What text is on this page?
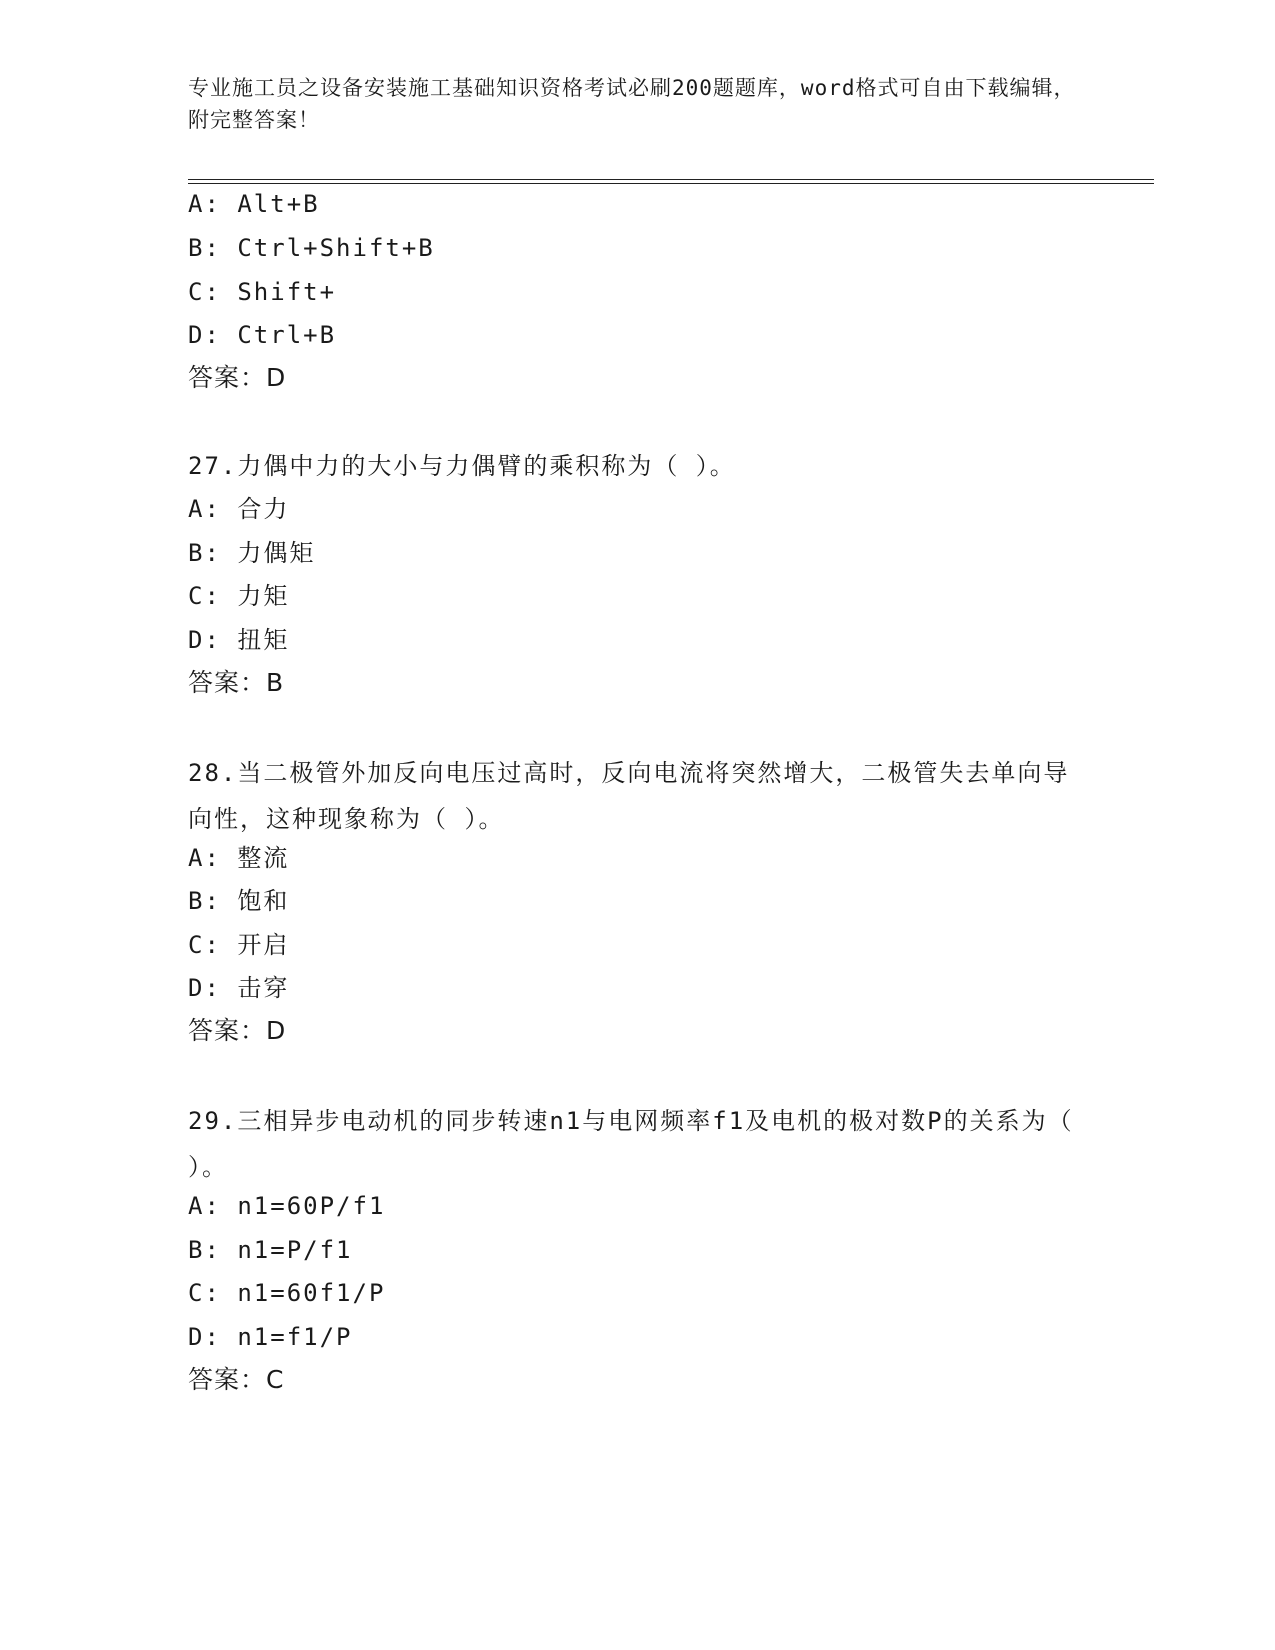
专业施工员之设备安装施工基础知识资格考试必刷200题题库，word格式可自由下载编辑，附完整答案！
A: Alt+B
B: Ctrl+Shift+B
C: Shift+
D: Ctrl+B
答案：D
27.力偶中力的大小与力偶臂的乘积称为（ ）。
A: 合力
B: 力偶矩
C: 力矩
D: 扭矩
答案：B
28.当二极管外加反向电压过高时，反向电流将突然增大，二极管失去单向导向性，这种现象称为（ ）。
A: 整流
B: 饱和
C: 开启
D: 击穿
答案：D
29.三相异步电动机的同步转速n1与电网频率f1及电机的极对数P的关系为（ ）。
A: n1=60P/f1
B: n1=P/f1
C: n1=60f1/P
D: n1=f1/P
答案：C
